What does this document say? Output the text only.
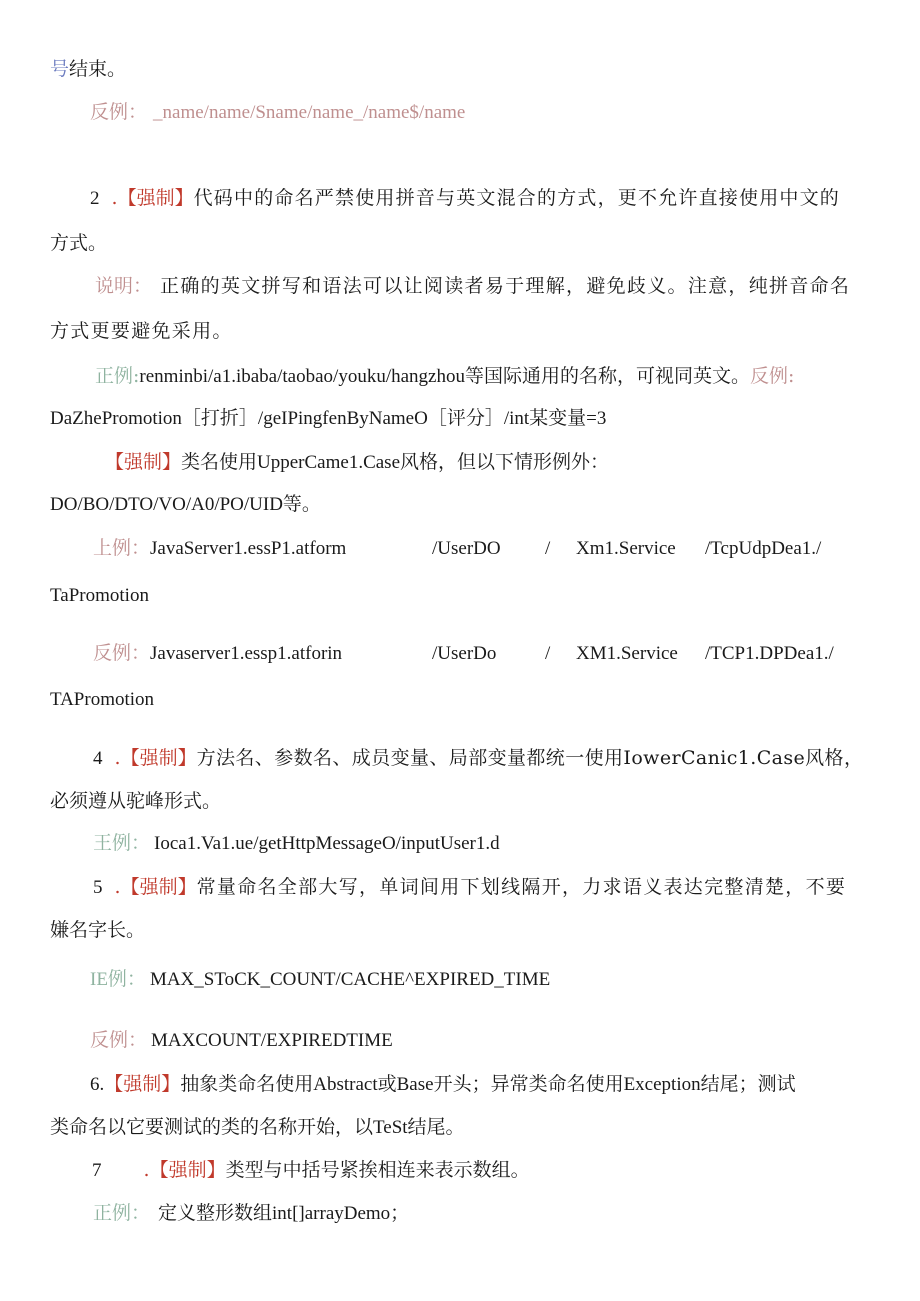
号结束。
反例： _name/name/Sname/name_/name$/name
2 .【强制】代码中的命名严禁使用拼音与英文混合的方式，更不允许直接使用中文的
方式。
说明： 正确的英文拼写和语法可以让阅读者易于理解，避免歧义。注意，纯拼音命名
方式更要避免采用。
正例:renminbi/a1.ibaba/taobao/youku/hangzhou等国际通用的名称，可视同英文。反例:
DaZhePromotion［打折］/geIPingfenByNameO［评分］/int某变量=3
【强制】类名使用UpperCame1.Case风格，但以下情形例外：
DO/BO/DTO/VO/A0/PO/UID等。
上例：JavaServer1.essP1.atform	/UserDO / Xm1.Service /TcpUdpDea1./
TaPromotion
反例：Javaserver1.essp1.atforin	/UserDo	/ XM1.Service /TCP1.DPDea1./
TAPromotion
4 .【强制】方法名、参数名、成员变量、局部变量都统一使用IowerCanic1.Case风格，
必须遵从驼峰形式。
王例： Ioca1.Va1.ue/getHttpMessageO/inputUser1.d
5 .【强制】常量命名全部大写，单词间用下划线隔开，力求语义表达完整清楚，不要
嫌名字长。
IE例： MAX_SToCK_COUNT/CACHE^EXPIRED_TIME
反例： MAXCOUNT/EXPIREDTIME
6.【强制】抽象类命名使用Abstract或Base开头；异常类命名使用Exception结尾；测试
类命名以它要测试的类的名称开始，以TeSt结尾。
7 .【强制】类型与中括号紧挨相连来表示数组。
正例： 定义整形数组int[]arrayDemo；
